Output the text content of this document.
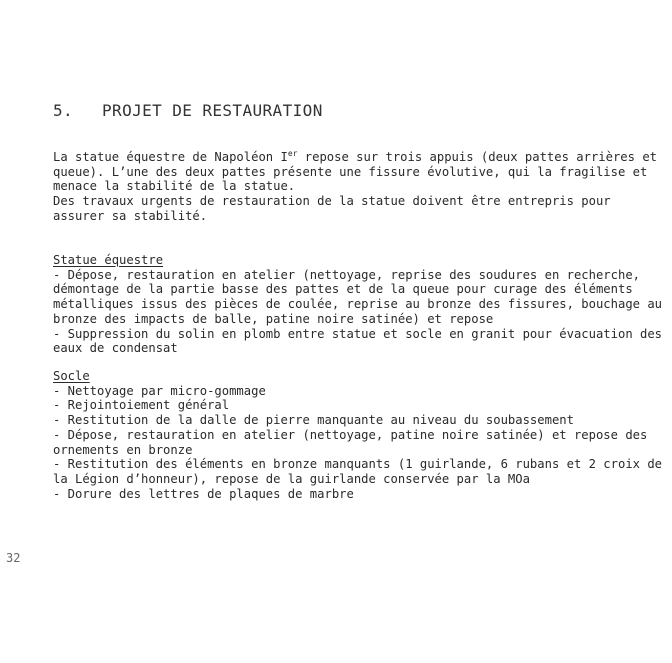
5. PROJET DE RESTAURATION

La statue équestre de Napoléon Ier repose sur trois appuis (deux pattes arrières et queue). L’une des deux pattes présente une fissure évolutive, qui la fragilise et menace la stabilité de la statue.

Des travaux urgents de restauration de la statue doivent être entrepris pour assurer sa stabilité.

Statue équestre

- Dépose, restauration en atelier (nettoyage, reprise des soudures en recherche, démontage de la partie basse des pattes et de la queue pour curage des éléments métalliques issus des pièces de coulée, reprise au bronze des fissures, bouchage au bronze des impacts de balle, patine noire satinée) et repose

- Suppression du solin en plomb entre statue et socle en granit pour évacuation des eaux de condensat

Socle

- Nettoyage par micro-gommage

- Rejointoiement général

- Restitution de la dalle de pierre manquante au niveau du soubassement

- Dépose, restauration en atelier (nettoyage, patine noire satinée) et repose des ornements en bronze

- Restitution des éléments en bronze manquants (1 guirlande, 6 rubans et 2 croix de la Légion d’honneur), repose de la guirlande conservée par la MOa

- Dorure des lettres de plaques de marbre

32
